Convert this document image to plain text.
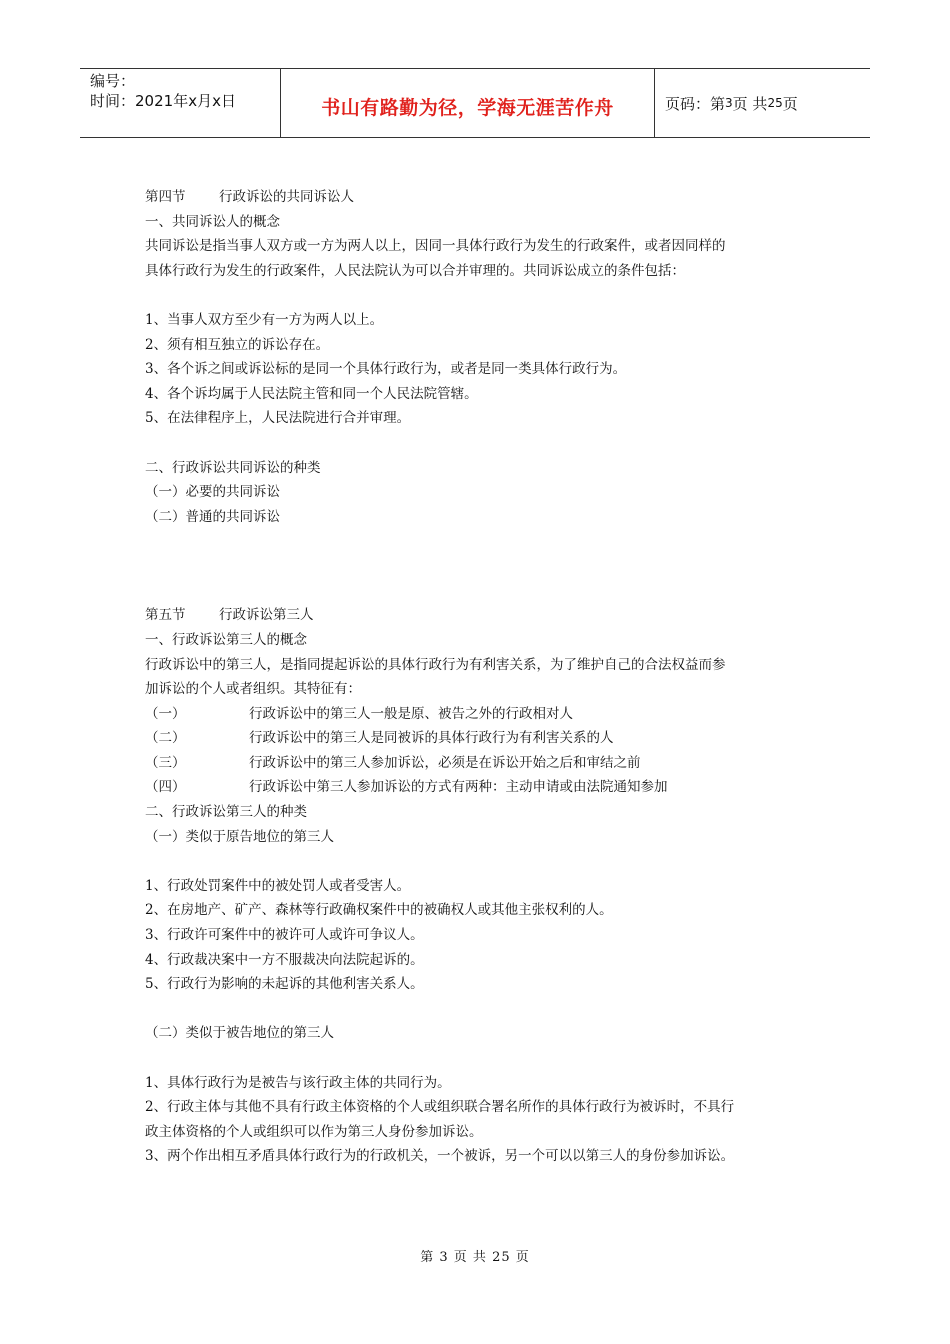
编号：
时间：2021年x月x日	书山有路勤为径，学海无涯苦作舟	页码：第 3 页 共 25 页
第四节 行政诉讼的共同诉讼人
一、共同诉讼人的概念
共同诉讼是指当事人双方或一方为两人以上，因同一具体行政行为发生的行政案件，或者因同样的
具体行政行为发生的行政案件，人民法院认为可以合并审理的。共同诉讼成立的条件包括：
1、当事人双方至少有一方为两人以上。
2、须有相互独立的诉讼存在。
3、各个诉之间或诉讼标的是同一个具体行政行为，或者是同一类具体行政行为。
4、各个诉均属于人民法院主管和同一个人民法院管辖。
5、在法律程序上，人民法院进行合并审理。
二、行政诉讼共同诉讼的种类
（一）必要的共同诉讼
（二）普通的共同诉讼
第五节 行政诉讼第三人
一、行政诉讼第三人的概念
行政诉讼中的第三人，是指同提起诉讼的具体行政行为有利害关系，为了维护自己的合法权益而参
加诉讼的个人或者组织。其特征有：
（一）	行政诉讼中的第三人一般是原、被告之外的行政相对人
（二）	行政诉讼中的第三人是同被诉的具体行政行为有利害关系的人
（三）	行政诉讼中的第三人参加诉讼，必须是在诉讼开始之后和审结之前
（四）	行政诉讼中第三人参加诉讼的方式有两种：主动申请或由法院通知参加
二、行政诉讼第三人的种类
（一）类似于原告地位的第三人
1、行政处罚案件中的被处罚人或者受害人。
2、在房地产、矿产、森林等行政确权案件中的被确权人或其他主张权利的人。
3、行政许可案件中的被许可人或许可争议人。
4、行政裁决案中一方不服裁决向法院起诉的。
5、行政行为影响的未起诉的其他利害关系人。
（二）类似于被告地位的第三人
1、具体行政行为是被告与该行政主体的共同行为。
2、行政主体与其他不具有行政主体资格的个人或组织联合署名所作的具体行政行为被诉时，不具行
政主体资格的个人或组织可以作为第三人身份参加诉讼。
3、两个作出相互矛盾具体行政行为的行政机关，一个被诉，另一个可以以第三人的身份参加诉讼。
第 3 页 共 25 页
